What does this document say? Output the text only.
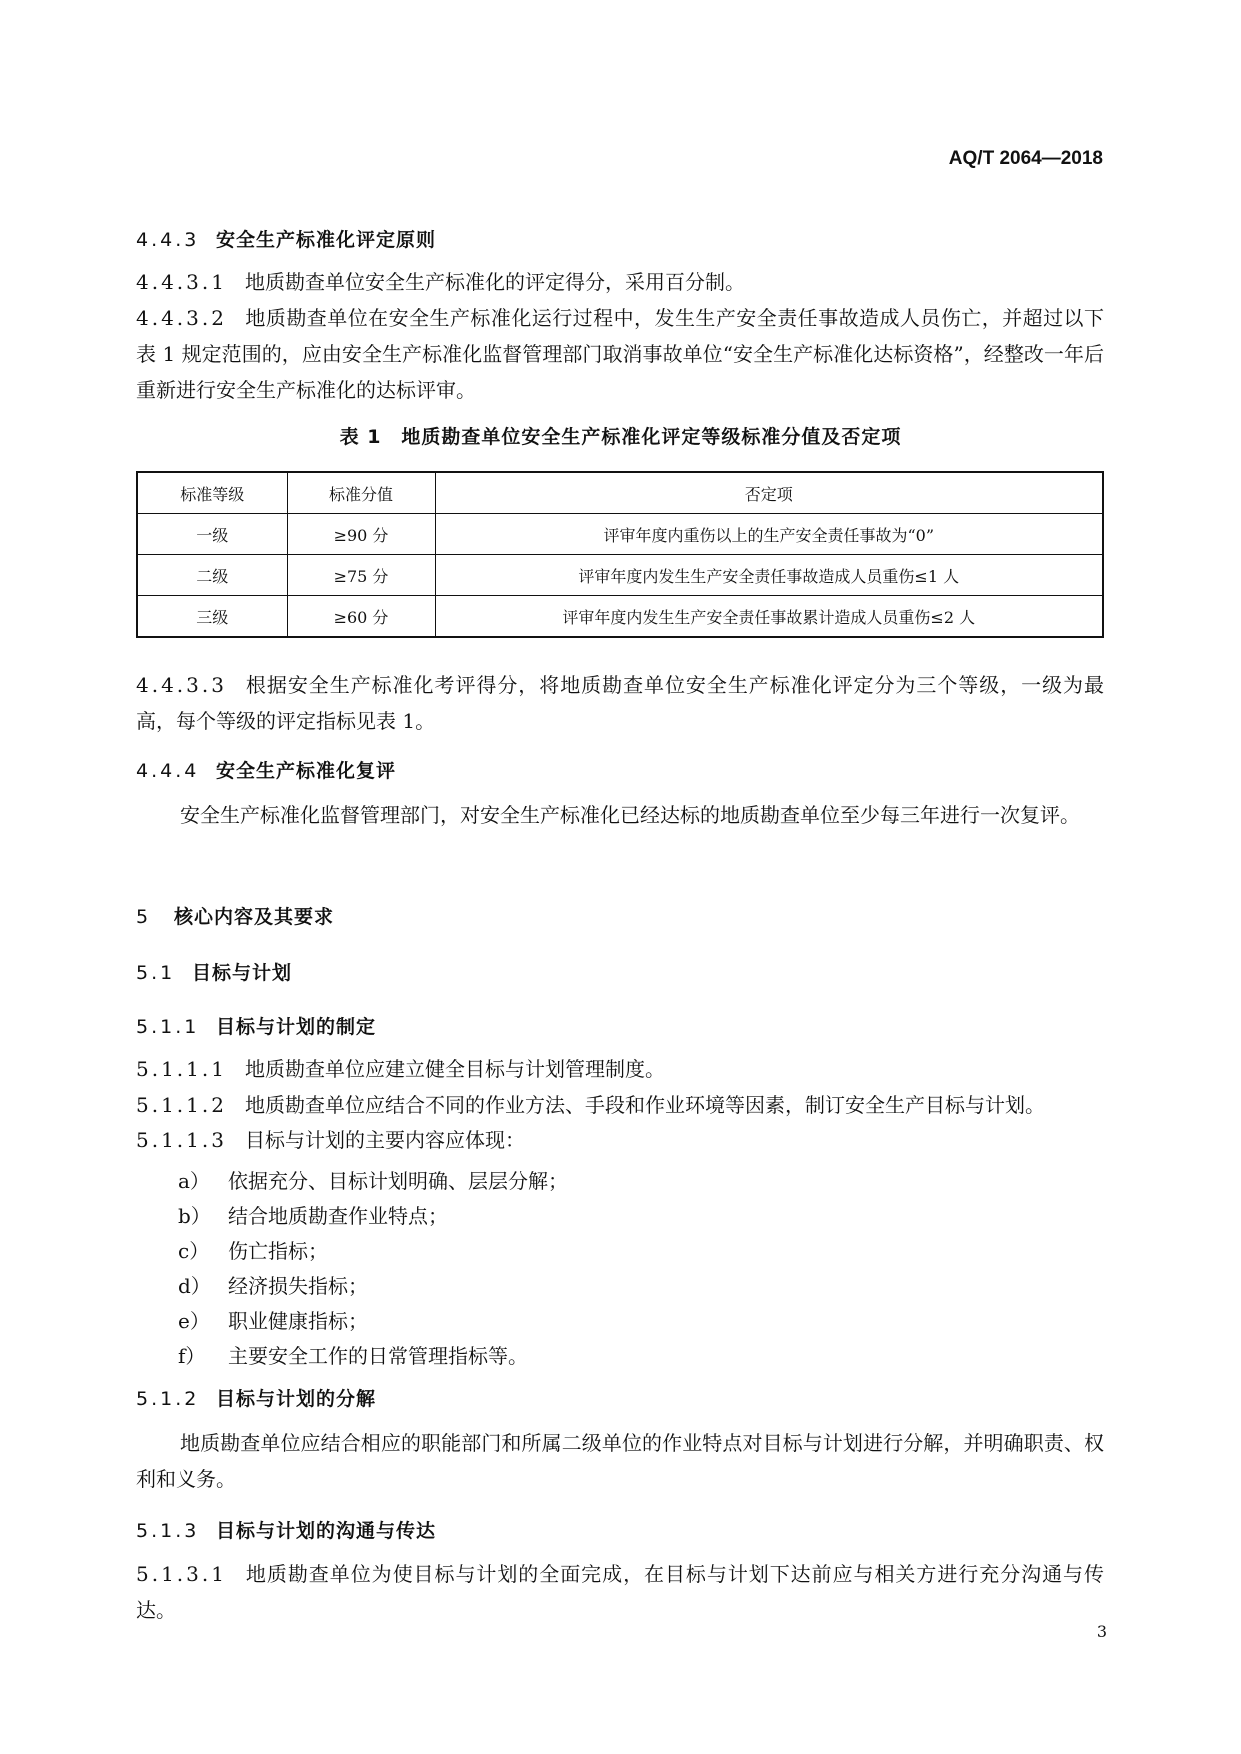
AQ/T 2064—2018
4.4.3 安全生产标准化评定原则
4.4.3.1 地质勘查单位安全生产标准化的评定得分，采用百分制。
4.4.3.2 地质勘查单位在安全生产标准化运行过程中，发生生产安全责任事故造成人员伤亡，并超过以下表 1 规定范围的，应由安全生产标准化监督管理部门取消事故单位“安全生产标准化达标资格”，经整改一年后重新进行安全生产标准化的达标评审。
表 1　地质勘查单位安全生产标准化评定等级标准分值及否定项
标准等级	标准分值	否定项
一级	≥90 分	评审年度内重伤以上的生产安全责任事故为“0”
二级	≥75 分	评审年度内发生生产安全责任事故造成人员重伤≤1 人
三级	≥60 分	评审年度内发生生产安全责任事故累计造成人员重伤≤2 人
4.4.3.3 根据安全生产标准化考评得分，将地质勘查单位安全生产标准化评定分为三个等级，一级为最高，每个等级的评定指标见表 1。
4.4.4 安全生产标准化复评
安全生产标准化监督管理部门，对安全生产标准化已经达标的地质勘查单位至少每三年进行一次复评。
5 核心内容及其要求
5.1 目标与计划
5.1.1 目标与计划的制定
5.1.1.1 地质勘查单位应建立健全目标与计划管理制度。
5.1.1.2 地质勘查单位应结合不同的作业方法、手段和作业环境等因素，制订安全生产目标与计划。
5.1.1.3 目标与计划的主要内容应体现：
a） 依据充分、目标计划明确、层层分解；
b） 结合地质勘查作业特点；
c） 伤亡指标；
d） 经济损失指标；
e） 职业健康指标；
f） 主要安全工作的日常管理指标等。
5.1.2 目标与计划的分解
地质勘查单位应结合相应的职能部门和所属二级单位的作业特点对目标与计划进行分解，并明确职责、权利和义务。
5.1.3 目标与计划的沟通与传达
5.1.3.1 地质勘查单位为使目标与计划的全面完成，在目标与计划下达前应与相关方进行充分沟通与传达。
3
